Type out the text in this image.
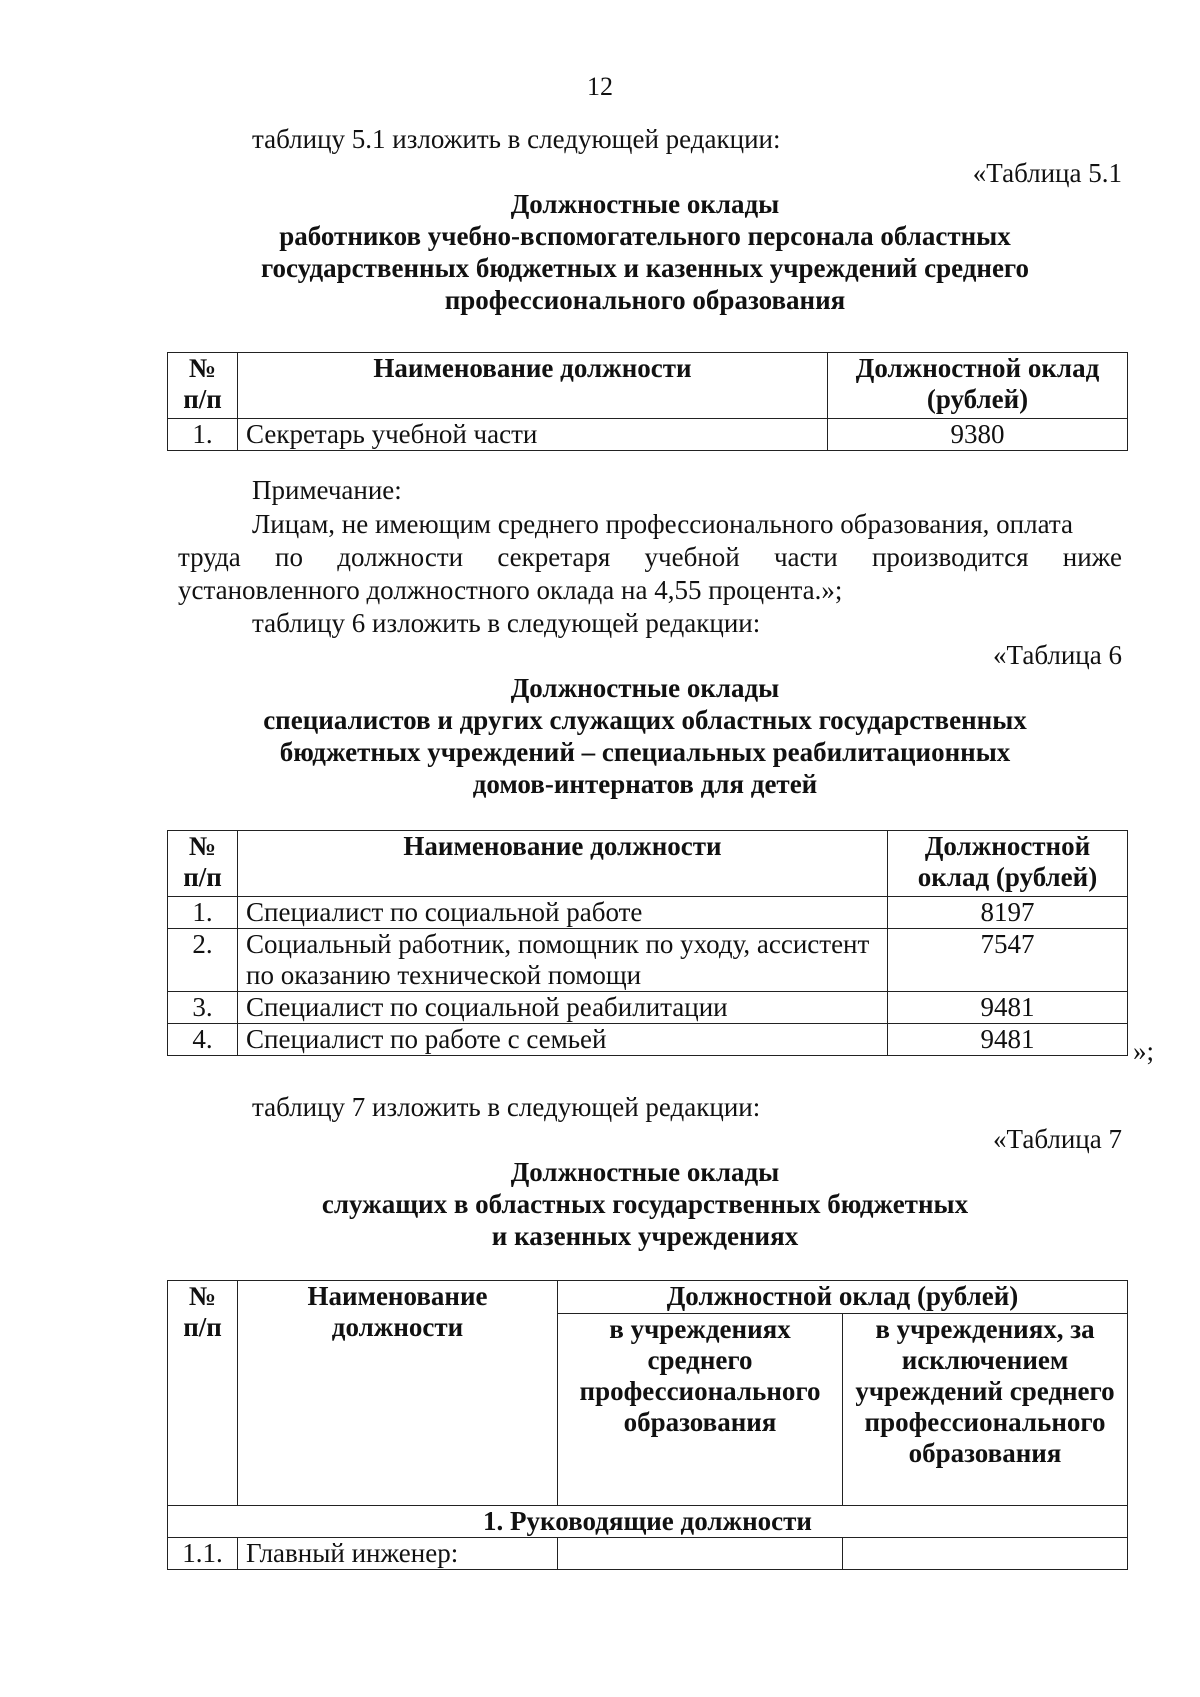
12
таблицу 5.1 изложить в следующей редакции:
«Таблица 5.1
Должностные оклады
работников учебно-вспомогательного персонала областных
государственных бюджетных и казенных учреждений среднего
профессионального образования
№ п/п	Наименование должности	Должностной оклад (рублей)
1.	Секретарь учебной части	9380
Примечание:
Лицам, не имеющим среднего профессионального образования, оплата
труда по должности секретаря учебной части производится ниже
установленного должностного оклада на 4,55 процента.»;
таблицу 6 изложить в следующей редакции:
«Таблица 6
Должностные оклады
специалистов и других служащих областных государственных
бюджетных учреждений – специальных реабилитационных
домов-интернатов для детей
№ п/п	Наименование должности	Должностной оклад (рублей)
1.	Специалист по социальной работе	8197
2.	Социальный работник, помощник по уходу, ассистент по оказанию технической помощи	7547
3.	Специалист по социальной реабилитации	9481
4.	Специалист по работе с семьей	9481	»;
таблицу 7 изложить в следующей редакции:
«Таблица 7
Должностные оклады
служащих в областных государственных бюджетных
и казенных учреждениях
№ п/п	Наименование должности	Должностной оклад (рублей)	
		в учреждениях среднего профессионального образования	в учреждениях, за исключением учреждений среднего профессионального образования
1. Руководящие должности			
1.1.	Главный инженер:		
